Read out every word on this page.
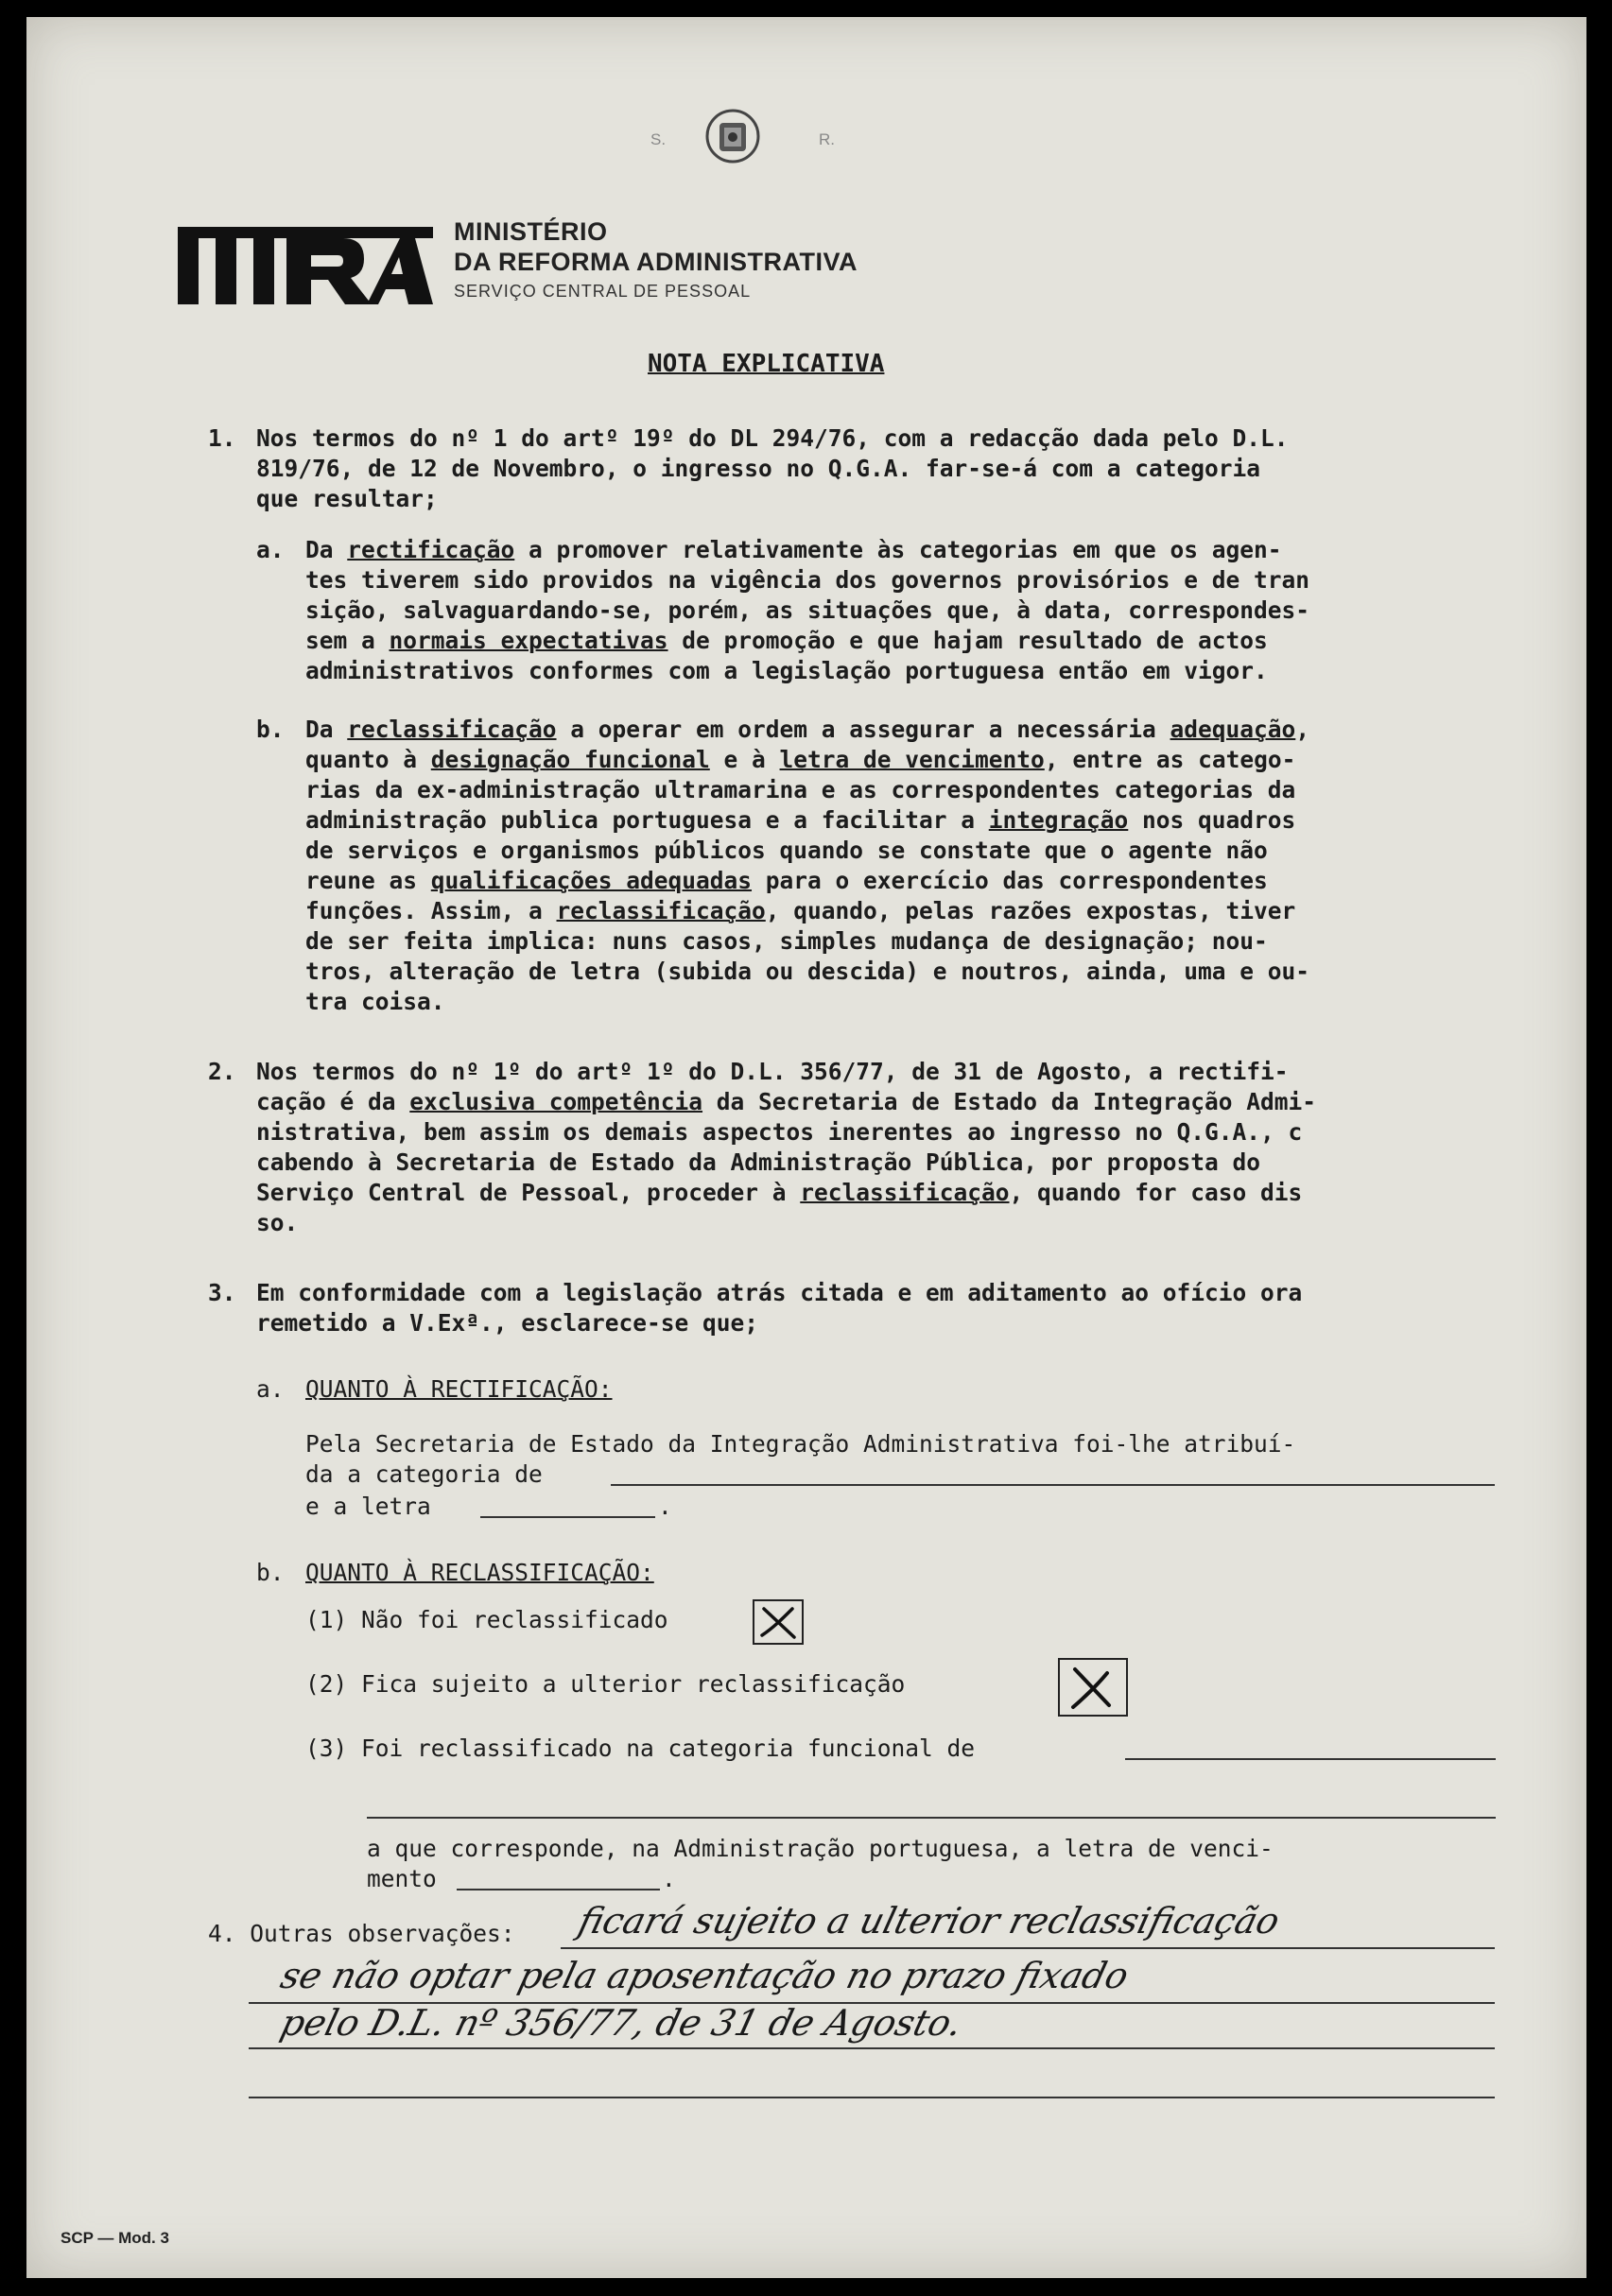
S.	R.
MINISTÉRIO
DA REFORMA ADMINISTRATIVA
SERVIÇO CENTRAL DE PESSOAL
NOTA EXPLICATIVA
1. Nos termos do nº 1 do artº 19º do DL 294/76, com a redacção dada pelo D.L.
819/76, de 12 de Novembro, o ingresso no Q.G.A. far-se-á com a categoria
que resultar;
a. Da rectificação a promover relativamente às categorias em que os agen-
tes tiverem sido providos na vigência dos governos provisórios e de tran
sição, salvaguardando-se, porém, as situações que, à data, correspondes-
sem a normais expectativas de promoção e que hajam resultado de actos
administrativos conformes com a legislação portuguesa então em vigor.
b. Da reclassificação a operar em ordem a assegurar a necessária adequação,
quanto à designação funcional e à letra de vencimento, entre as catego-
rias da ex-administração ultramarina e as correspondentes categorias da
administração publica portuguesa e a facilitar a integração nos quadros
de serviços e organismos públicos quando se constate que o agente não
reune as qualificações adequadas para o exercício das correspondentes
funções. Assim, a reclassificação, quando, pelas razões expostas, tiver
de ser feita implica: nuns casos, simples mudança de designação; nou-
tros, alteração de letra (subida ou descida) e noutros, ainda, uma e ou-
tra coisa.
2. Nos termos do nº 1º do artº 1º do D.L. 356/77, de 31 de Agosto, a rectifi-
cação é da exclusiva competência da Secretaria de Estado da Integração Admi-
nistrativa, bem assim os demais aspectos inerentes ao ingresso no Q.G.A., c
cabendo à Secretaria de Estado da Administração Pública, por proposta do
Serviço Central de Pessoal, proceder à reclassificação, quando for caso dis
so.
3. Em conformidade com a legislação atrás citada e em aditamento ao ofício ora
remetido a V.Exª., esclarece-se que;
a. QUANTO À RECTIFICAÇÃO:
Pela Secretaria de Estado da Integração Administrativa foi-lhe atribuí-
da a categoria de
e a letra	.
b. QUANTO À RECLASSIFICAÇÃO:
(1) Não foi reclassificado
(2) Fica sujeito a ulterior reclassificação
(3) Foi reclassificado na categoria funcional de
a que corresponde, na Administração portuguesa, a letra de venci-
mento	.
4. Outras observações: ficará sujeito a ulterior reclassificação
se não optar pela aposentação no prazo fixado
pelo D.L. nº 356/77, de 31 de Agosto.
SCP — Mod. 3
